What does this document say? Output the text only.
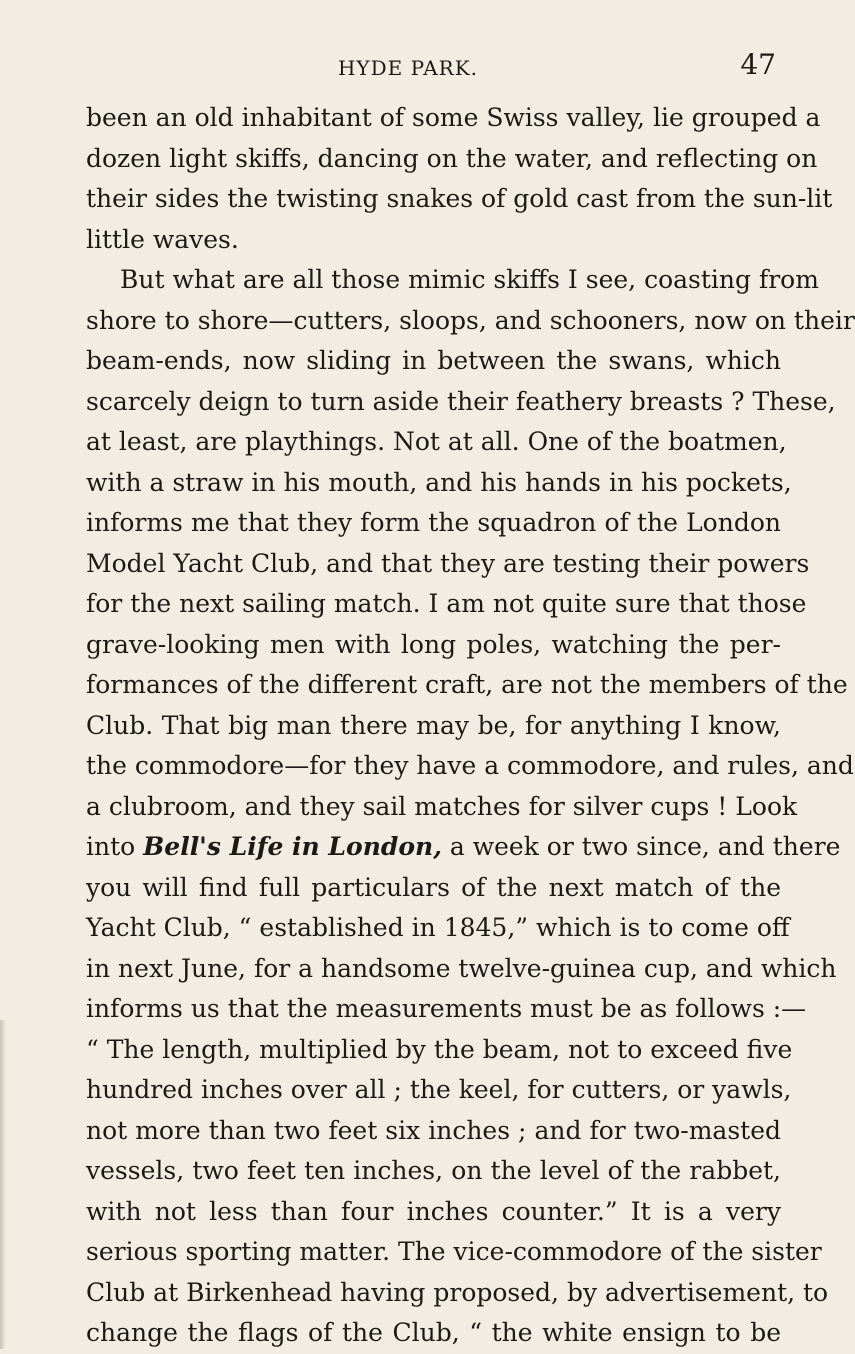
HYDE PARK.	47
been an old inhabitant of some Swiss valley, lie grouped a
dozen light skiffs, dancing on the water, and reflecting on
their sides the twisting snakes of gold cast from the sun-lit
little waves.
But what are all those mimic skiffs I see, coasting from
shore to shore—cutters, sloops, and schooners, now on their
beam-ends, now sliding in between the swans, which
scarcely deign to turn aside their feathery breasts ? These,
at least, are playthings. Not at all. One of the boatmen,
with a straw in his mouth, and his hands in his pockets,
informs me that they form the squadron of the London
Model Yacht Club, and that they are testing their powers
for the next sailing match. I am not quite sure that those
grave-looking men with long poles, watching the per-
formances of the different craft, are not the members of the
Club. That big man there may be, for anything I know,
the commodore—for they have a commodore, and rules, and
a clubroom, and they sail matches for silver cups ! Look
into Bell's Life in London, a week or two since, and there
you will find full particulars of the next match of the
Yacht Club, “ established in 1845,” which is to come off
in next June, for a handsome twelve-guinea cup, and which
informs us that the measurements must be as follows :—
“ The length, multiplied by the beam, not to exceed five
hundred inches over all ; the keel, for cutters, or yawls,
not more than two feet six inches ; and for two-masted
vessels, two feet ten inches, on the level of the rabbet,
with not less than four inches counter.” It is a very
serious sporting matter. The vice-commodore of the sister
Club at Birkenhead having proposed, by advertisement, to
change the flags of the Club, “ the white ensign to be
